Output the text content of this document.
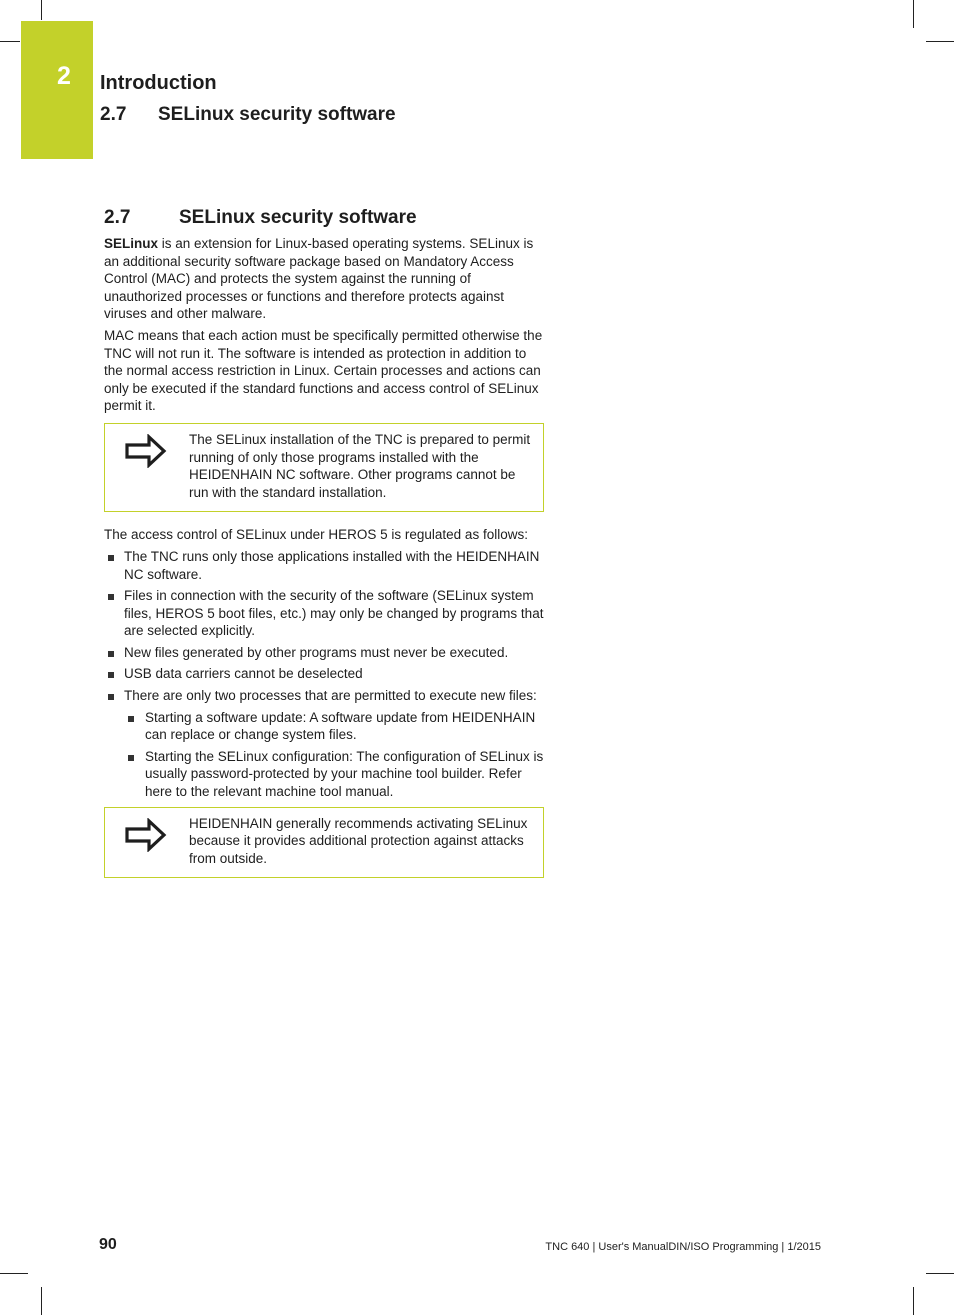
2 Introduction
2.7 SELinux security software
2.7	SELinux security software

SELinux is an extension for Linux-based operating systems. SELinux is an additional security software package based on Mandatory Access Control (MAC) and protects the system against the running of unauthorized processes or functions and therefore protects against viruses and other malware.

MAC means that each action must be specifically permitted otherwise the TNC will not run it. The software is intended as protection in addition to the normal access restriction in Linux. Certain processes and actions can only be executed if the standard functions and access control of SELinux permit it.

The SELinux installation of the TNC is prepared to permit running of only those programs installed with the HEIDENHAIN NC software. Other programs cannot be run with the standard installation.

The access control of SELinux under HEROS 5 is regulated as follows:

The TNC runs only those applications installed with the HEIDENHAIN NC software.
Files in connection with the security of the software (SELinux system files, HEROS 5 boot files, etc.) may only be changed by programs that are selected explicitly.
New files generated by other programs must never be executed.
USB data carriers cannot be deselected
There are only two processes that are permitted to execute new files:
Starting a software update: A software update from HEIDENHAIN can replace or change system files.
Starting the SELinux configuration: The configuration of SELinux is usually password-protected by your machine tool builder. Refer here to the relevant machine tool manual.
HEIDENHAIN generally recommends activating SELinux because it provides additional protection against attacks from outside.
90	TNC 640 | User's ManualDIN/ISO Programming | 1/2015
